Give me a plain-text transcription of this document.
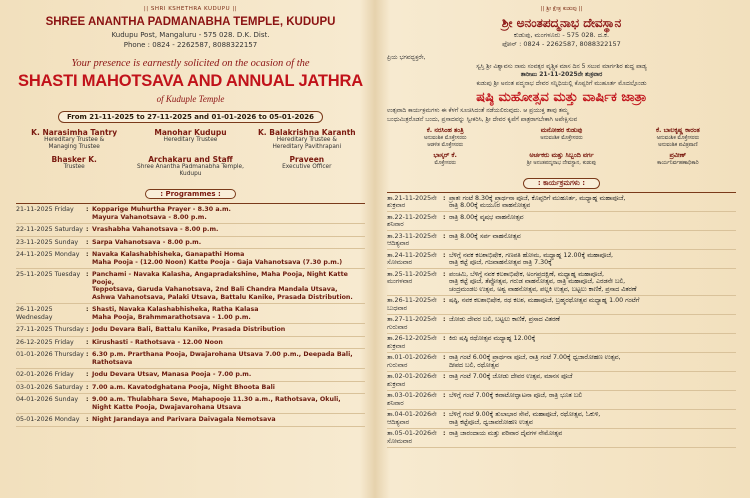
|| SHRI KSHETHRA KUDUPU ||
SHREE ANANTHA PADMANABHA TEMPLE, KUDUPU
Kudupu Post, Mangaluru - 575 028. D.K. Dist.
Phone : 0824 - 2262587, 8088322157
Your presence is earnestly solicited on the ocasion of the
SHASTI MAHOTSAVA AND ANNUAL JATHRA
of Kuduple Temple
From 21-11-2025 to 27-11-2025 and 01-01-2026 to 05-01-2026
K. Narasimha Tantry
Hereditary Trustee &
Managing Trustee
Manohar Kudupu
Hereditary Trustee
K. Balakrishna Karanth
Hereditary Trustee &
Hereditary Pavithrapani
Bhasker K.
Trustee
Archakaru and Staff
Shree Anantha Padmanabha Temple,
Kudupu
Praveen
Executive Officer
: Programmes :
21-11-2025 Friday	: Kopparige Muhurtha Prayer - 8.30 a.m.
Mayura Vahanotsava - 8.00 p.m.
22-11-2025 Saturday : Vrashabha Vahanotsava - 8.00 p.m.
23-11-2025 Sunday	: Sarpa Vahanotsava - 8.00 p.m.
24-11-2025 Monday	: Navaka Kalashabhisheka, Ganapathi Homa
Maha Pooja - (12.00 Noon) Katte Pooja - Gaja Vahanotsava (7.30 p.m.)
25-11-2025 Tuesday : Panchami - Navaka Kalasha, Angapradakshine, Maha Pooja, Night Katte Pooje,
Teppotsava, Garuda Vahanotsava, 2nd Bali Chandra Mandala Utsava,
Ashwa Vahanotsava, Palaki Utsava, Battalu Kanike, Prasada Distribution.
26-11-2025 Wednesday
: Shasti, Navaka Kalashabhisheka, Ratha Kalasa
Maha Pooja, Brahmmarathotsava - 1.00 p.m.
27-11-2025 Thursday : Jodu Devara Bali, Battalu Kanike, Prasada Distribution
26-12-2025 Friday	: Kirushasti - Rathotsava - 12.00 Noon
01-01-2026 Thursday : 6.30 p.m. Prarthana Pooja, Dwajarohana Utsava 7.00 p.m., Deepada Bali, Rathotsava
02-01-2026 Friday	: Jodu Devara Utsav, Manasa Pooja - 7.00 p.m.
03-01-2026 Saturday : 7.00 a.m. Kavatodghatana Pooja, Night Bhoota Bali
04-01-2026 Sunday	: 9.00 a.m. Thulabhara Seve, Mahapooje 11.30 a.m., Rathotsava, Okuli,
Night Katte Pooja, Dwajavarohana Utsava
05-01-2026 Monday	: Night Jarandaya and Parivara Daivagala Nemotsava
|| ಶ್ರೀ ಕ್ಷೇತ್ರ ಕುಡುಪು ||
ಶ್ರೀ ಅನಂತಪದ್ಮನಾಭ ದೇವಸ್ಥಾನ
ಕುಡುಪು, ಮಂಗಳೂರು - 575 028. ದ.ಕ.
ಫೋನ್ : 0824 - 2262587, 8088322157
ಪ್ರಿಯ ಭಗವದ್ಭಕ್ತರೇ,
ಸ್ವಸ್ತಿ ಶ್ರೀ ವಿಶ್ವಾವಸು ನಾಮ ಸಂವತ್ಸರ ವೃಶ್ಚಿಕ ಮಾಸ ದಿನ 5 ಸಲುವ ಮಾರ್ಗಶಿರ ಶುದ್ಧ ಪಾಡ್ಯ
ತಾರೀಖು 21-11-2025ನೇ ಶುಕ್ರವಾರ
ಕುಡುಪು ಶ್ರೀ ಅನಂತ ಪದ್ಮನಾಭ ದೇವರ ಸನ್ನಿಧಿಯಲ್ಲಿ ಕೊಪ್ಪರಿಗೆ ಮುಹೂರ್ತ ಮೊದಲ್ಗೊಂಡು
ಷಷ್ಠಿ ಮಹೋತ್ಸವ ಮತ್ತು ವಾರ್ಷಿಕ ಜಾತ್ರಾ
ಉತ್ಸವಾದಿ ಕಾರ್ಯಕ್ರಮಗಳು ಈ ಕೆಳಗೆ ಸೂಚಿಸಿದಂತೆ ನಡೆಯಲಿರುವುದು. ಆ ಪ್ರಯುಕ್ತ ತಾವು ತಮ್ಮ
ಬಂಧುಮಿತ್ರರೊಡನೆ ಬಂದು, ಪ್ರಸಾದವನ್ನು ಸ್ವೀಕರಿಸಿ, ಶ್ರೀ ದೇವರ ಕೃಪೆಗೆ ಪಾತ್ರರಾಗಬೇಕಾಗಿ ಅಪೇಕ್ಷಿಸುವ
ಕೆ. ನರಸಿಂಹ ತಂತ್ರಿ
ಅನುವಂಶಿಕ ಮೊಕ್ತೇಸರರು
ಆಡಳಿತ ಮೊಕ್ತೇಸರರು
ಮನೋಹರ ಕುಡುಪು
ಅನುವಂಶಿಕ ಮೊಕ್ತೇಸರರು
ಕೆ. ಬಾಲಕೃಷ್ಣ ಕಾರಂತ
ಅನುವಂಶಿಕ ಮೊಕ್ತೇಸರರು
ಅನುವಂಶಿಕ ಪವಿತ್ರಪಾಣಿ
ಭಾಸ್ಕರ್ ಕೆ.
ಮೊಕ್ತೇಸರರು
ಅರ್ಚಕರು ಮತ್ತು ಸಿಬ್ಬಂದಿ ವರ್ಗ
ಶ್ರೀ ಅನಂತಪದ್ಮನಾಭ ದೇವಸ್ಥಾನ, ಕುಡುಪು
ಪ್ರವೀಣ್
ಕಾರ್ಯನಿರ್ವಹಣಾಧಿಕಾರಿ
: ಕಾರ್ಯಕ್ರಮಗಳು :
ತಾ.21-11-2025ನೇ ಶುಕ್ರವಾರ
: ಪ್ರಾತಃ ಗಂಟೆ 8.30ಕ್ಕೆ ಪ್ರಾರ್ಥನಾ ಪೂಜೆ, ಕೊಪ್ಪರಿಗೆ ಮುಹೂರ್ತ, ಮಧ್ಯಾಹ್ನ ಮಹಾಪೂಜೆ,
ರಾತ್ರಿ 8.00ಕ್ಕೆ ಮಯೂರ ವಾಹನೋತ್ಸವ
ತಾ.22-11-2025ನೇ ಶನಿವಾರ
: ರಾತ್ರಿ 8.00ಕ್ಕೆ ವೃಷಭ ವಾಹನೋತ್ಸವ
ತಾ.23-11-2025ನೇ ಆದಿತ್ಯವಾರ
: ರಾತ್ರಿ 8.00ಕ್ಕೆ ಸರ್ಪ ವಾಹನೋತ್ಸವ
ತಾ.24-11-2025ನೇ ಸೋಮವಾರ
: ಬೆಳಿಗ್ಗೆ ನವಕ ಕಲಶಾಭಿಷೇಕ, ಗಣಪತಿ ಹೋಮ, ಮಧ್ಯಾಹ್ನ 12.00ಕ್ಕೆ ಮಹಾಪೂಜೆ,
ರಾತ್ರಿ ಕಟ್ಟೆ ಪೂಜೆ, ಗಜವಾಹನೋತ್ಸವ ರಾತ್ರಿ 7.30ಕ್ಕೆ
ತಾ.25-11-2025ನೇ ಮಂಗಳವಾರ
: ಪಂಚಮಿ, ಬೆಳಿಗ್ಗೆ ನವಕ ಕಲಶಾಭಿಷೇಕ, ಅಂಗಪ್ರದಕ್ಷಿಣೆ, ಮಧ್ಯಾಹ್ನ ಮಹಾಪೂಜೆ,
ರಾತ್ರಿ ಕಟ್ಟೆ ಪೂಜೆ, ತೆಪ್ಪೋತ್ಸವ, ಗರುಡ ವಾಹನೋತ್ಸವ, ರಾತ್ರಿ ಮಹಾಪೂಜೆ, ಎರಡನೇ ಬಲಿ,
ಚಂದ್ರಮಂಡಲ ಉತ್ಸವ, ಅಶ್ವ ವಾಹನೋತ್ಸವ, ಪಲ್ಲಕಿ ಉತ್ಸವ, ಬಟ್ಟಲು ಕಾಣಿಕೆ, ಪ್ರಸಾದ ವಿತರಣೆ
ತಾ.26-11-2025ನೇ ಬುಧವಾರ
: ಷಷ್ಠಿ, ನವಕ ಕಲಶಾಭಿಷೇಕ, ರಥ ಕಲಶ, ಮಹಾಪೂಜೆ, ಬ್ರಹ್ಮರಥೋತ್ಸವ ಮಧ್ಯಾಹ್ನ 1.00 ಗಂಟೆಗೆ
ತಾ.27-11-2025ನೇ ಗುರುವಾರ
: ಜೋಡು ದೇವರ ಬಲಿ, ಬಟ್ಟಲು ಕಾಣಿಕೆ, ಪ್ರಸಾದ ವಿತರಣೆ
ತಾ.26-12-2025ನೇ ಶುಕ್ರವಾರ
: ಕಿರು ಷಷ್ಠಿ ರಥೋತ್ಸವ ಮಧ್ಯಾಹ್ನ 12.00ಕ್ಕೆ
ತಾ.01-01-2026ನೇ ಗುರುವಾರ
: ರಾತ್ರಿ ಗಂಟೆ 6.00ಕ್ಕೆ ಪ್ರಾರ್ಥನಾ ಪೂಜೆ, ರಾತ್ರಿ ಗಂಟೆ 7.00ಕ್ಕೆ ಧ್ವಜಾರೋಹಣ ಉತ್ಸವ,
ದೀಪದ ಬಲಿ, ರಥೋತ್ಸವ
ತಾ.02-01-2026ನೇ ಶುಕ್ರವಾರ
: ರಾತ್ರಿ ಗಂಟೆ 7.00ಕ್ಕೆ ಜೋಡು ದೇವರ ಉತ್ಸವ, ಮಾನಸ ಪೂಜೆ
ತಾ.03-01-2026ನೇ ಶನಿವಾರ
: ಬೆಳಿಗ್ಗೆ ಗಂಟೆ 7.00ಕ್ಕೆ ಕವಾಟೋದ್ಘಾಟನಾ ಪೂಜೆ, ರಾತ್ರಿ ಭೂತ ಬಲಿ
ತಾ.04-01-2026ನೇ ಆದಿತ್ಯವಾರ
: ಬೆಳಿಗ್ಗೆ ಗಂಟೆ 9.00ಕ್ಕೆ ತುಲಾಭಾರ ಸೇವೆ, ಮಹಾಪೂಜೆ, ರಥೋತ್ಸವ, ಓಕುಳಿ,
ರಾತ್ರಿ ಕಟ್ಟೆಪೂಜೆ, ಧ್ವಜಾವರೋಹಣ ಉತ್ಸವ
ತಾ.05-01-2026ನೇ ಸೋಮವಾರ
: ರಾತ್ರಿ ಜಾರಂದಾಯ ಮತ್ತು ಪರಿವಾರ ದೈವಗಳ ನೇಮೋತ್ಸವ
